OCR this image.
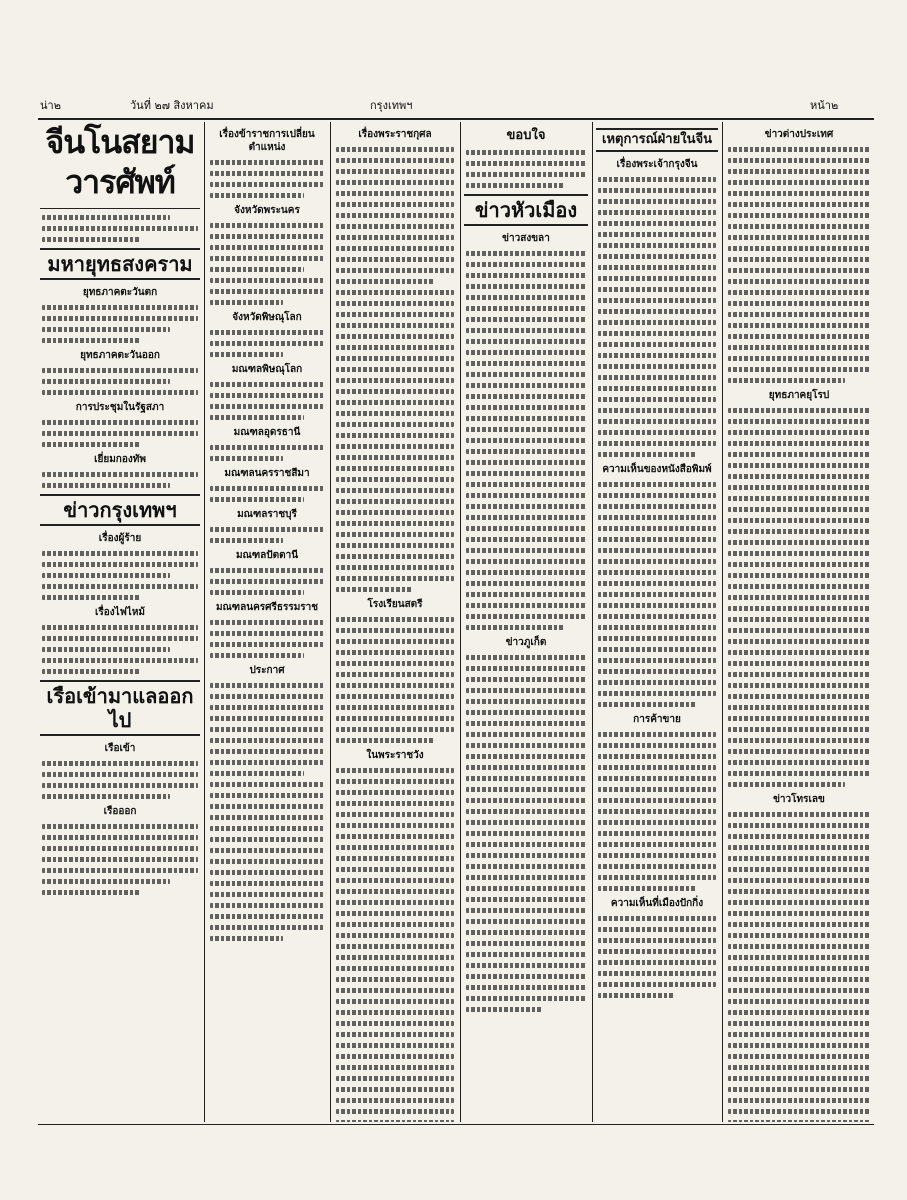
น่า๒	วันที่ ๒๗ สิงหาคม	กรุงเทพฯ	หน้า๒
จีนโนสยามวารศัพท์
มหายุทธสงคราม
ยุทธภาคตะวันตก
ยุทธภาคตะวันออก
การประชุมในรัฐสภา
เยี่ยมกองทัพ
ข่าวกรุงเทพฯ
เรื่องผู้ร้าย
เรื่องไฟไหม้
เรือเข้ามาแลออกไป
เรือเข้า
เรือออก
เรื่องข้าราชการเปลี่ยนตำแหน่ง
จังหวัดพระนคร
จังหวัดพิษณุโลก
มณฑลพิษณุโลก
มณฑลอุดรธานี
มณฑลนครราชสีมา
มณฑลราชบุรี
มณฑลปัตตานี
มณฑลนครศรีธรรมราช
ประกาศ
เรื่องพระราชกุศล
โรงเรียนสตรี
ในพระราชวัง
ขอบใจ
ข่าวหัวเมือง
ข่าวสงขลา
ข่าวภูเก็ต
เหตุการณ์ฝ่ายในจีน
เรื่องพระเจ้ากรุงจีน
ความเห็นของหนังสือพิมพ์
การค้าขาย
ความเห็นที่เมืองปักกิ่ง
ข่าวต่างประเทศ
ยุทธภาคยุโรป
ข่าวโทรเลข
